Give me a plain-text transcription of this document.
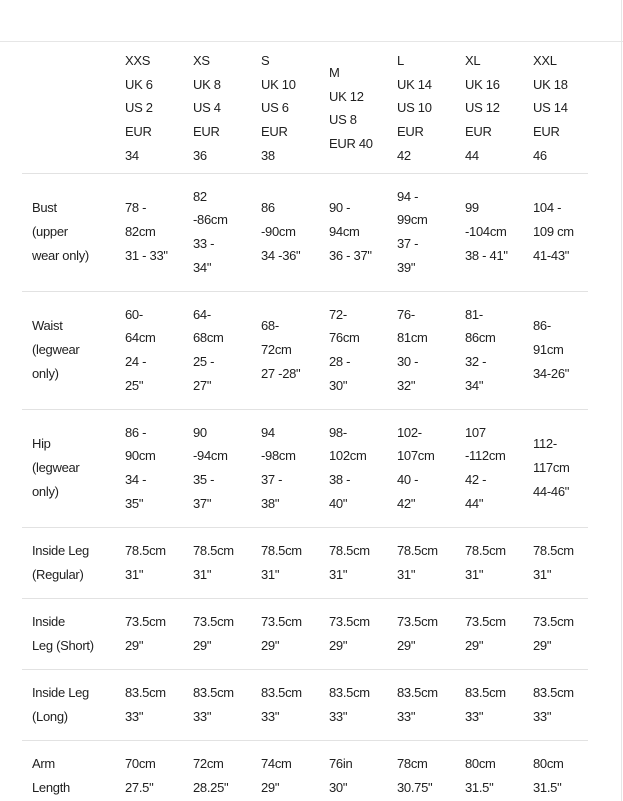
	XXS
UK 6
US 2
EUR
34	XS
UK 8
US 4
EUR
36	S
UK 10
US 6
EUR
38	M
UK 12
US 8
EUR 40	L
UK 14
US 10
EUR
42	XL
UK 16
US 12
EUR
44	XXL
UK 18
US 14
EUR
46
Bust
(upper
wear only)	78 -
82cm
31 - 33"	82
-86cm
33 -
34"	86
-90cm
34 -36"	90 -
94cm
36 - 37"	94 -
99cm
37 -
39"	99
-104cm
38 - 41"	104 -
109 cm
41-43"
Waist
(legwear
only)	60-
64cm
24 -
25"	64-
68cm
25 -
27"	68-
72cm
27 -28"	72-
76cm
28 -
30"	76-
81cm
30 -
32"	81-
86cm
32 -
34"	86-
91cm
34-26"
Hip
(legwear
only)	86 -
90cm
34 -
35"	90
-94cm
35 -
37"	94
-98cm
37 -
38"	98-
102cm
38 -
40"	102-
107cm
40 -
42"	107
-112cm
42 -
44"	112-
117cm
44-46"
Inside Leg
(Regular)	78.5cm
31"	78.5cm
31"	78.5cm
31"	78.5cm
31"	78.5cm
31"	78.5cm
31"	78.5cm
31"
Inside
Leg (Short)	73.5cm
29"	73.5cm
29"	73.5cm
29"	73.5cm
29"	73.5cm
29"	73.5cm
29"	73.5cm
29"
Inside Leg
(Long)	83.5cm
33"	83.5cm
33"	83.5cm
33"	83.5cm
33"	83.5cm
33"	83.5cm
33"	83.5cm
33"
Arm
Length	70cm
27.5"	72cm
28.25"	74cm
29"	76in
30"	78cm
30.75"	80cm
31.5"	80cm
31.5"
